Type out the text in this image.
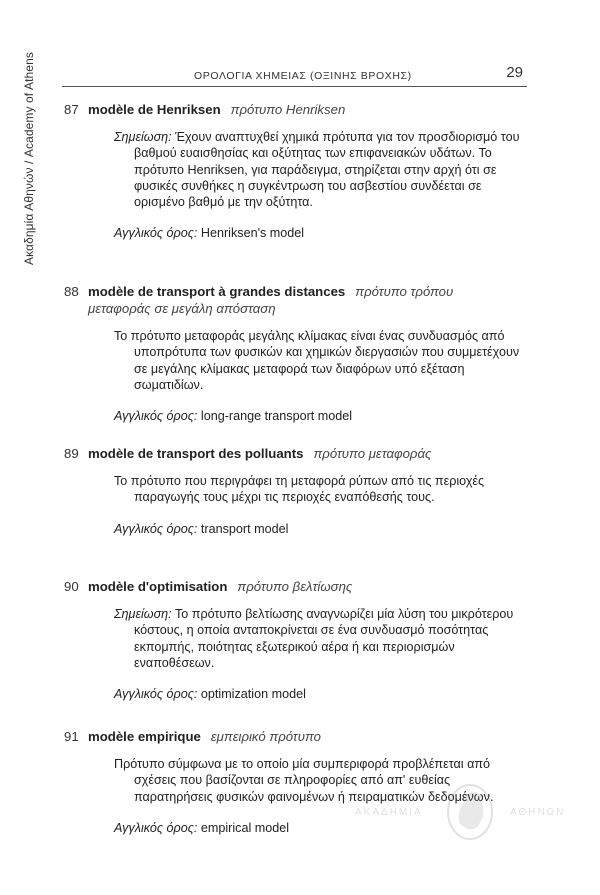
Ακαδημία Αθηνών / Academy of Athens	ΟΡΟΛΟΓΙΑ ΧΗΜΕΙΑΣ (ΟΞΙΝΗΣ ΒΡΟΧΗΣ)	29

87 modèle de Henriksen πρότυπο Henriksen

Σημείωση: Έχουν αναπτυχθεί χημικά πρότυπα για τον προσδιορισμό του βαθμού ευαισθησίας και οξύτητας των επιφανειακών υδάτων. Το πρότυπο Henriksen, για παράδειγμα, στηρίζεται στην αρχή ότι σε φυσικές συνθήκες η συγκέντρωση του ασβεστίου συνδέεται σε ορισμένο βαθμό με την οξύτητα.
Αγγλικός όρος: Henriksen's model

88 modèle de transport à grandes distances πρότυπο τρόπου
μεταφοράς σε μεγάλη απόσταση

Το πρότυπο μεταφοράς μεγάλης κλίμακας είναι ένας συνδυασμός από υποπρότυπα των φυσικών και χημικών διεργασιών που συμμετέχουν σε μεγάλης κλίμακας μεταφορά των διαφόρων υπό εξέταση σωματιδίων.
Αγγλικός όρος: long-range transport model

89 modèle de transport des polluants πρότυπο μεταφοράς

Το πρότυπο που περιγράφει τη μεταφορά ρύπων από τις περιοχές παραγωγής τους μέχρι τις περιοχές εναπόθεσής τους.
Αγγλικός όρος: transport model

90 modèle d'optimisation πρότυπο βελτίωσης

Σημείωση: Το πρότυπο βελτίωσης αναγνωρίζει μία λύση του μικρότερου κόστους, η οποία ανταποκρίνεται σε ένα συνδυασμό ποσότητας εκπομπής, ποιότητας εξωτερικού αέρα ή και περιορισμών εναποθέσεων.
Αγγλικός όρος: optimization model

91 modèle empirique εμπειρικό πρότυπο

Πρότυπο σύμφωνα με το οποίο μία συμπεριφορά προβλέπεται από σχέσεις που βασίζονται σε πληροφορίες από απ' ευθείας παρατηρήσεις φυσικών φαινομένων ή πειραματικών δεδομένων.
Αγγλικός όρος: empirical model
ΑΚΑΔΗΜΙΑ	ΑΘΗΝΩΝ
